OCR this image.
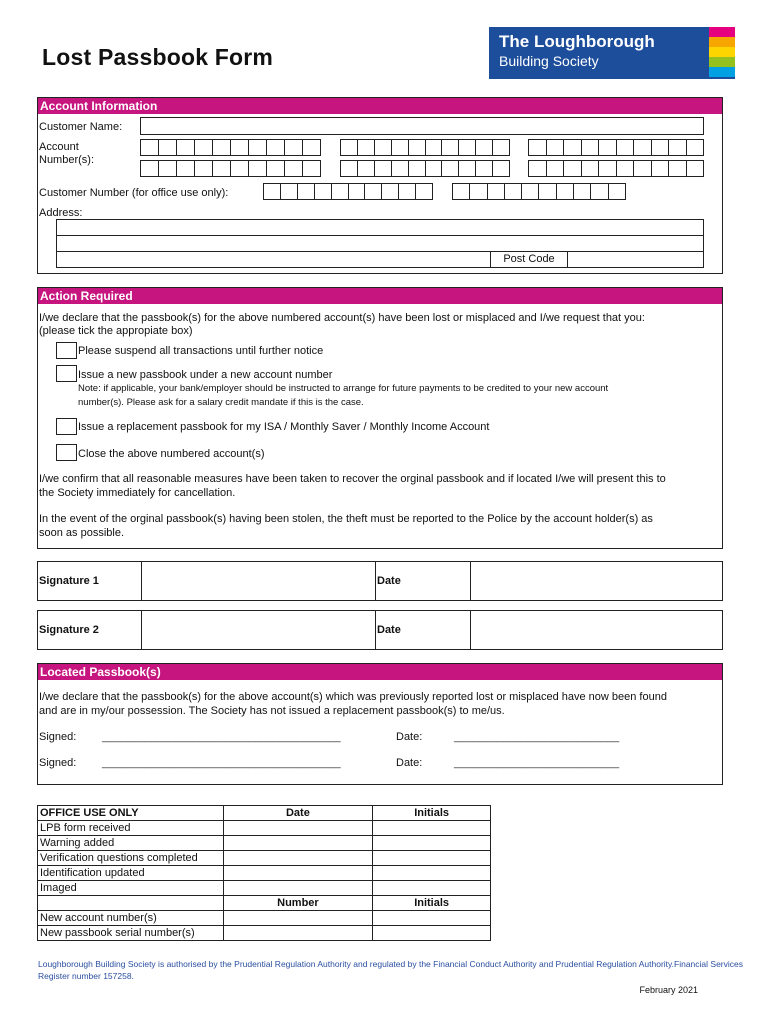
Lost Passbook Form
The Loughborough
Building Society
Account Information
Customer Name:
Account
Number(s):
Customer Number (for office use only):
Address:
Post Code
Action Required
I/we declare that the passbook(s) for the above numbered account(s) have been lost or misplaced and I/we request that you:
(please tick the appropiate box)
Please suspend all transactions until further notice
Issue a new passbook under a new account number
Note: if applicable, your bank/employer should be instructed to arrange for future payments to be credited to your new account
number(s). Please ask for a salary credit mandate if this is the case.
Issue a replacement passbook for my ISA / Monthly Saver / Monthly Income Account
Close the above numbered account(s)
I/we confirm that all reasonable measures have been taken to recover the orginal passbook and if located I/we will present this to
the Society immediately for cancellation.
In the event of the orginal passbook(s) having been stolen, the theft must be reported to the Police by the account holder(s) as
soon as possible.
Signature 1	Date
Signature 2	Date
Located Passbook(s)
I/we declare that the passbook(s) for the above account(s) which was previously reported lost or misplaced have now been found
and are in my/our possession. The Society has not issued a replacement passbook(s) to me/us.
Signed: _______________________________________	Date:	___________________________
Signed: _______________________________________	Date:	___________________________
OFFICE USE ONLY	Date	Initials
LPB form received		
Warning added		
Verification questions completed		
Identification updated		
Imaged		
	Number	Initials
New account number(s)		
New passbook serial number(s)		
Loughborough Building Society is authorised by the Prudential Regulation Authority and regulated by the Financial Conduct Authority and Prudential Regulation Authority.Financial Services Register number 157258.
February 2021
